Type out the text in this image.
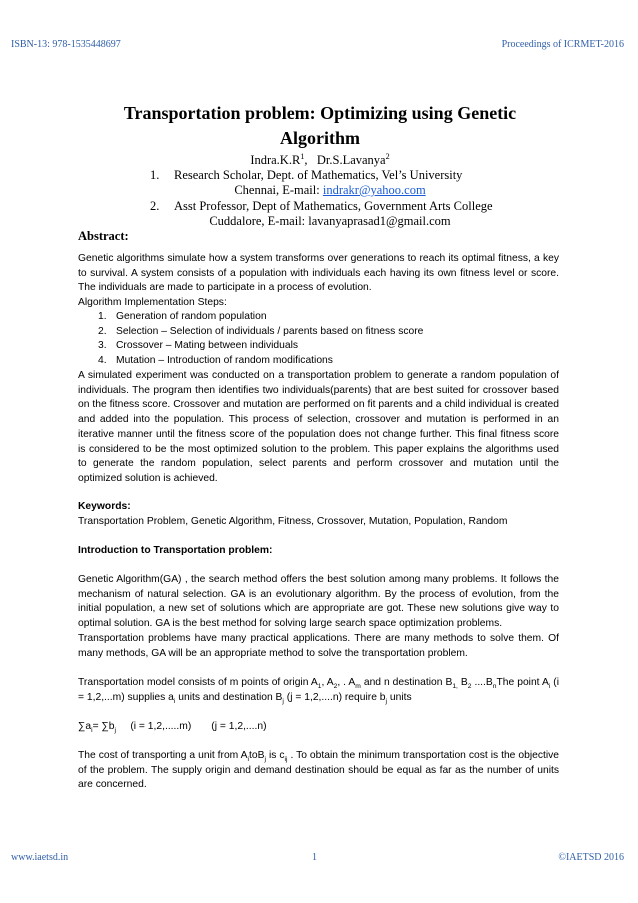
ISBN-13: 978-1535448697	Proceedings of ICRMET-2016
Transportation problem: Optimizing using Genetic
Algorithm
$Indra.K.R^1$, Dr.S.Lavanya$^2$
1. Research Scholar, Dept. of Mathematics, Vel’s University
Chennai, E-mail: indrakr@yahoo.com
2. Asst Professor, Dept of Mathematics, Government Arts College
Cuddalore, E-mail: lavanyaprasad1@gmail.com
Abstract:
Genetic algorithms simulate how a system transforms over generations to reach its optimal fitness, a key to survival. A system consists of a population with individuals each having its own fitness level or score. The individuals are made to participate in a process of evolution.
Algorithm Implementation Steps:
1. Generation of random population
2. Selection – Selection of individuals / parents based on fitness score
3. Crossover – Mating between individuals
4. Mutation – Introduction of random modifications
A simulated experiment was conducted on a transportation problem to generate a random population of individuals. The program then identifies two individuals(parents) that are best suited for crossover based on the fitness score. Crossover and mutation are performed on fit parents and a child individual is created and added into the population. This process of selection, crossover and mutation is performed in an iterative manner until the fitness score of the population does not change further. This final fitness score is considered to be the most optimized solution to the problem. This paper explains the algorithms used to generate the random population, select parents and perform crossover and mutation until the optimized solution is achieved.
Keywords:
Transportation Problem, Genetic Algorithm, Fitness, Crossover, Mutation, Population, Random
Introduction to Transportation problem:
Genetic Algorithm(GA) , the search method offers the best solution among many problems. It follows the mechanism of natural selection. GA is an evolutionary algorithm. By the process of evolution, from the initial population, a new set of solutions which are appropriate are got. These new solutions give way to optimal solution. GA is the best method for solving large search space optimization problems.
Transportation problems have many practical applications. There are many methods to solve them. Of many methods, GA will be an appropriate method to solve the transportation problem.
Transportation model consists of m points of origin $A_1$, $A_2$, . $A_m$ and n destination $B_{1,}$ $B_2$ $....B_nThe$ point $A_i$ (i = 1,2,...m) supplies $a_i$ units and destination $B_j$ (j = 1,2,....n) require $b_j$ units
$\sum a_i= \sum b_j$     (i = 1,2,.....m)       (j = 1,2,....n)
The cost of transporting a unit from $A_itoB_j$ is $c_{ij}$ . To obtain the minimum transportation cost is the objective of the problem. The supply origin and demand destination should be equal as far as the number of units are concerned.
www.iaetsd.in	1	©IAETSD 2016
